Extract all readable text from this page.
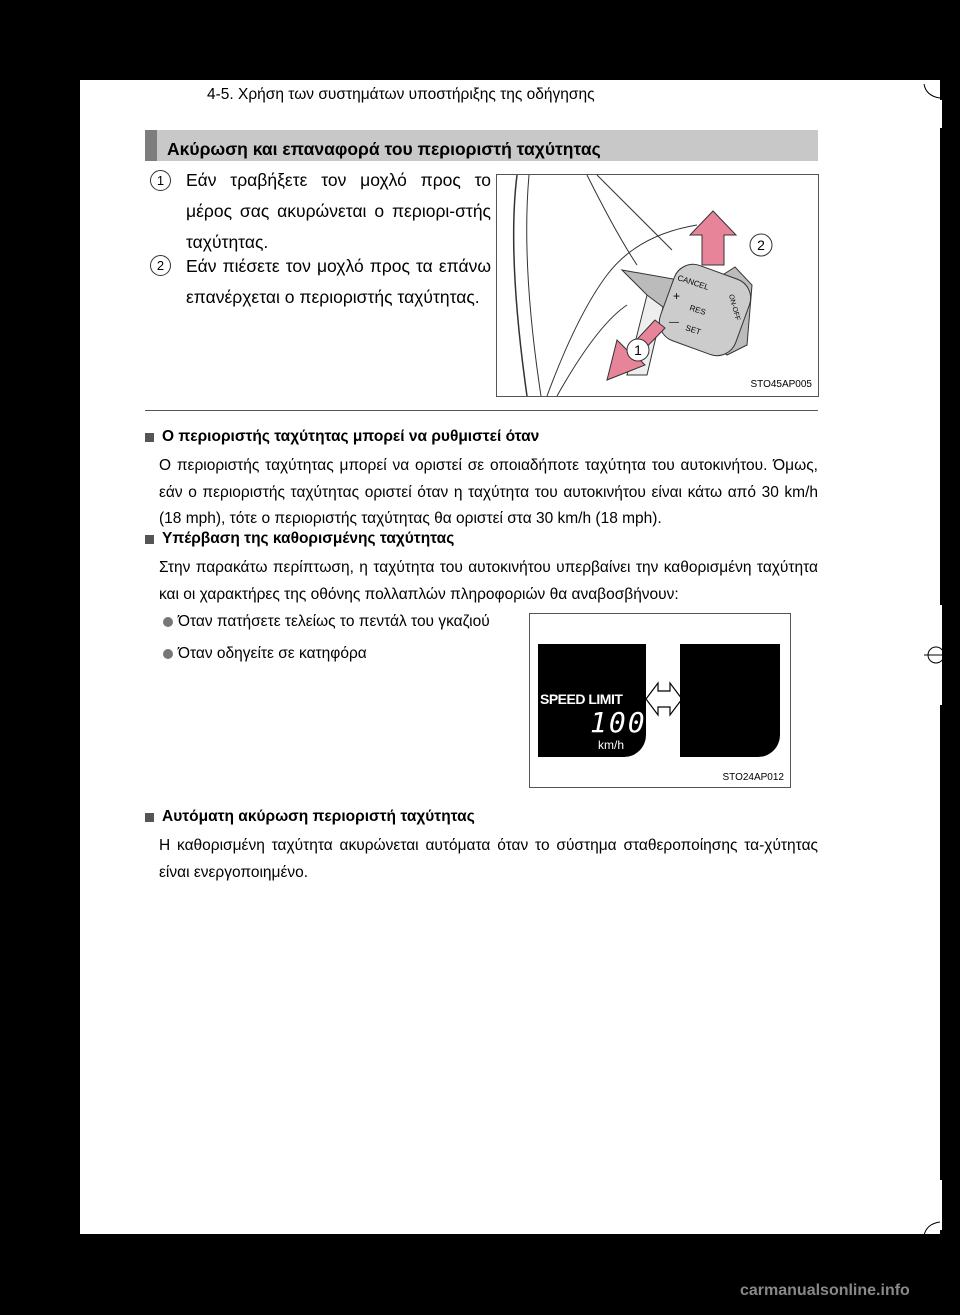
4-5. Χρήση των συστημάτων υποστήριξης της οδήγησης
Ακύρωση και επαναφορά του περιοριστή ταχύτητας
1	Εάν τραβήξετε τον μοχλό προς το μέρος σας ακυρώνεται ο περιορι-στής ταχύτητας.
2	Εάν πιέσετε τον μοχλό προς τα επάνω επανέρχεται ο περιοριστής ταχύτητας.
2
1
CANCEL
RES
SET
ON-OFF
+
—
STO45AP005
Ο περιοριστής ταχύτητας μπορεί να ρυθμιστεί όταν
Ο περιοριστής ταχύτητας μπορεί να οριστεί σε οποιαδήποτε ταχύτητα του αυτοκινήτου. Όμως, εάν ο περιοριστής ταχύτητας οριστεί όταν η ταχύτητα του αυτοκινήτου είναι κάτω από 30 km/h (18 mph), τότε ο περιοριστής ταχύτητας θα οριστεί στα 30 km/h (18 mph).
Υπέρβαση της καθορισμένης ταχύτητας
Στην παρακάτω περίπτωση, η ταχύτητα του αυτοκινήτου υπερβαίνει την καθορισμένη ταχύτητα και οι χαρακτήρες της οθόνης πολλαπλών πληροφοριών θα αναβοσβήνουν:
Όταν πατήσετε τελείως το πεντάλ του γκαζιού
Όταν οδηγείτε σε κατηφόρα
SPEED LIMIT
100
km/h
STO24AP012
Αυτόματη ακύρωση περιοριστή ταχύτητας
Η καθορισμένη ταχύτητα ακυρώνεται αυτόματα όταν το σύστημα σταθεροποίησης τα-χύτητας είναι ενεργοποιημένο.
carmanualsonline.info
